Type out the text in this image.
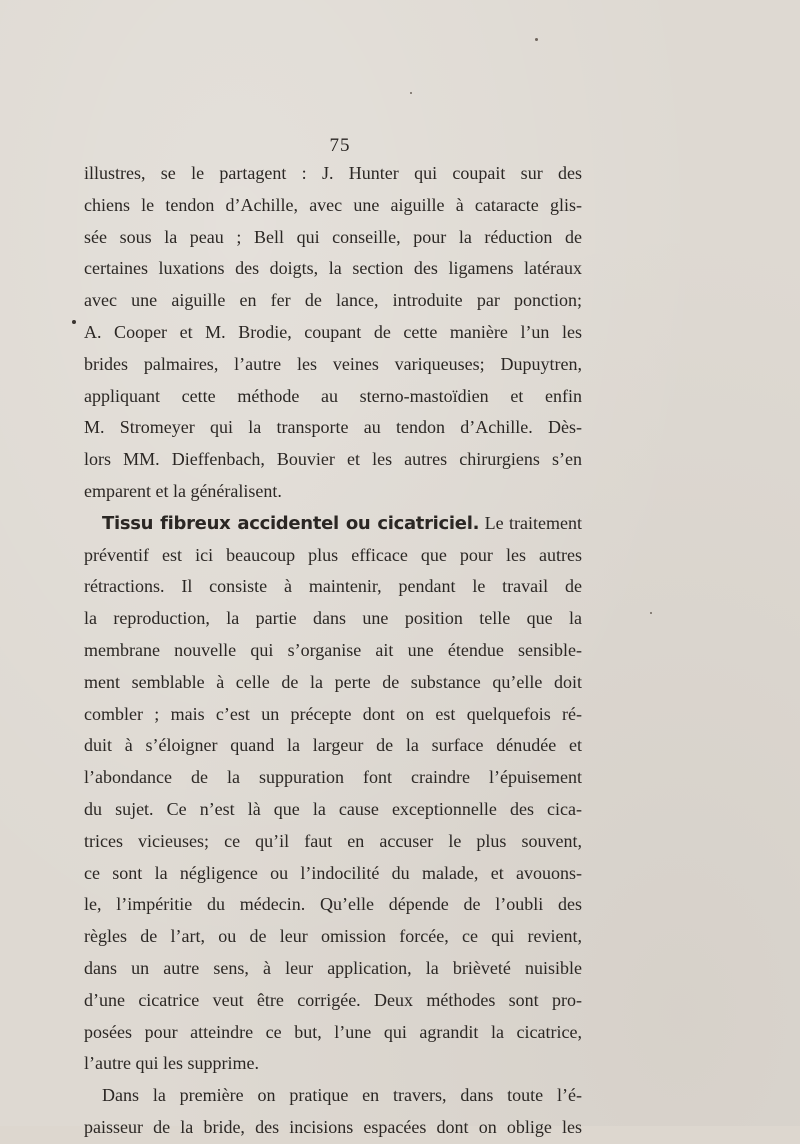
75
illustres, se le partagent : J. Hunter qui coupait sur des
chiens le tendon d’Achille, avec une aiguille à cataracte glis-
sée sous la peau ; Bell qui conseille, pour la réduction de
certaines luxations des doigts, la section des ligamens latéraux
avec une aiguille en fer de lance, introduite par ponction;
A. Cooper et M. Brodie, coupant de cette manière l’un les
brides palmaires, l’autre les veines variqueuses; Dupuytren,
appliquant cette méthode au sterno-mastoïdien et enfin
M. Stromeyer qui la transporte au tendon d’Achille. Dès-
lors MM. Dieffenbach, Bouvier et les autres chirurgiens s’en
emparent et la généralisent.
Tissu fibreux accidentel ou cicatriciel. Le traitement
préventif est ici beaucoup plus efficace que pour les autres
rétractions. Il consiste à maintenir, pendant le travail de
la reproduction, la partie dans une position telle que la
membrane nouvelle qui s’organise ait une étendue sensible-
ment semblable à celle de la perte de substance qu’elle doit
combler ; mais c’est un précepte dont on est quelquefois ré-
duit à s’éloigner quand la largeur de la surface dénudée et
l’abondance de la suppuration font craindre l’épuisement
du sujet. Ce n’est là que la cause exceptionnelle des cica-
trices vicieuses; ce qu’il faut en accuser le plus souvent,
ce sont la négligence ou l’indocilité du malade, et avouons-
le, l’impéritie du médecin. Qu’elle dépende de l’oubli des
règles de l’art, ou de leur omission forcée, ce qui revient,
dans un autre sens, à leur application, la brièveté nuisible
d’une cicatrice veut être corrigée. Deux méthodes sont pro-
posées pour atteindre ce but, l’une qui agrandit la cicatrice,
l’autre qui les supprime.
Dans la première on pratique en travers, dans toute l’é-
paisseur de la bride, des incisions espacées dont on oblige les
